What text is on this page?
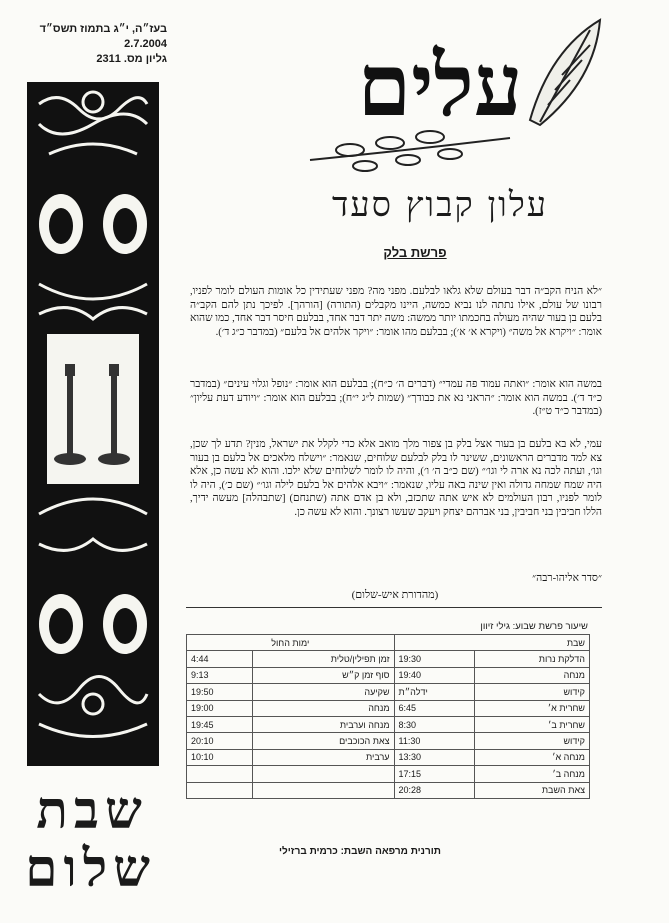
בעז״ה, י״ג בתמוז תשס״ד
2.7.2004
גליון מס. 2311
שבת
שלום
עלים
עלון קבוץ סעד
פרשת בלק
״לא הניח הקב״ה דבר בעולם שלא גלאו לבלעם. מפני מה? מפני שעתידין כל אומות העולם לומר לפניו, רבונו של עולם, אילו נתתה לנו נביא כמשה, היינו מקבלים (התורה) [הורהך]. לפיכך נתן להם הקב״ה בלעם בן בעור שהיה מעולה בחכמתו יותר ממשה: משה יתר דבר אחד, בבלעם חיסר דבר אחד, כמו שהוא אומר: ״ויקרא אל משה״ (ויקרא א׳ א׳); בבלעם מהו אומר: ״ויקר אלהים אל בלעם״ (במדבר כ״ג ד׳).
במשה הוא אומר: ״ואתה עמוד פה עמדי״ (דברים ה׳ כ״ח); בבלעם הוא אומר: ״נופל וגלוי עינים״ (במדבר כ״ד ד׳). במשה הוא אומר: ״הראני נא את כבודך״ (שמות ל״ג י״ח); בבלעם הוא אומר: ״ויודע דעת עליון״ (במדבר כ״ד ט״ז).
עמי, לא בא בלעם בן בעור אצל בלק בן צפור מלך מואב אלא כדי לקלל את ישראל, מנין? תדע לך שכן, צא למד מדברים הראשונים, ששינר לו בלק לבלעם שלוחים, שנאמר: ״וישלח מלאכים אל בלעם בן בעור וגו׳, ועתה לכה נא ארה לי וגו׳״ (שם כ״ב ה׳ ו׳), והיה לו לומר לשלוחים שלא ילכו. והוא לא עשה כן, אלא היה שמח שמחה גדולה ואין שינה באה עליו, שנאמר: ״ויבא אלהים אל בלעם לילה וגו׳״ (שם כ׳), היה לו לומר לפניו, רבון העולמים לא איש אתה שתכזב, ולא בן אדם אתה (שתנחם) [שתבהלה] מעשה ידיך, הללו חביבין בני חביבין, בני אברהם יצחק ויעקב שעשו רצונך. והוא לא עשה כן.
״סדר אליהו-רבה״
(מהדורת איש-שלום)
שיעור פרשת שבוע: גילי זיוון
שבת		ימות החול	
הדלקת נרות	19:30	זמן תפילין/טלית	4:44
מנחה	19:40	סוף זמן ק״ש	9:13
קידוש	ידלה״ת	שקיעה	19:50
שחרית א׳	6:45	מנחה	19:00
שחרית ב׳	8:30	מנחה וערבית	19:45
קידוש	11:30	צאת הכוכבים	20:10
מנחה א׳	13:30	ערבית	10:10
מנחה ב׳	17:15		
צאת השבת	20:28		
תורנית מרפאה השבת: כרמית ברזילי
